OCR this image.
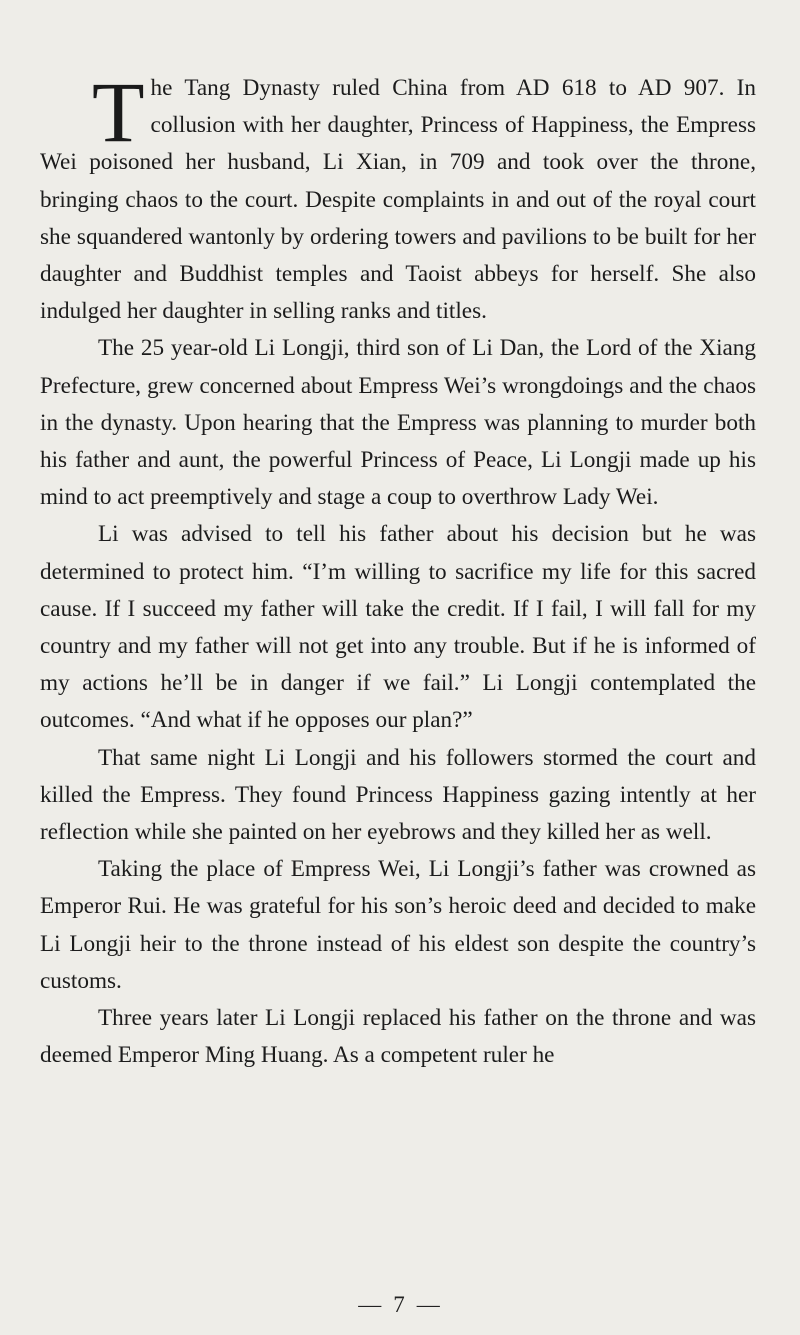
The Tang Dynasty ruled China from AD 618 to AD 907. In collusion with her daughter, Princess of Happiness, the Empress Wei poisoned her husband, Li Xian, in 709 and took over the throne, bringing chaos to the court. Despite complaints in and out of the royal court she squandered wantonly by ordering towers and pavilions to be built for her daughter and Buddhist temples and Taoist abbeys for herself. She also indulged her daughter in selling ranks and titles.

The 25 year-old Li Longji, third son of Li Dan, the Lord of the Xiang Prefecture, grew concerned about Empress Wei’s wrongdoings and the chaos in the dynasty. Upon hearing that the Empress was planning to murder both his father and aunt, the powerful Princess of Peace, Li Longji made up his mind to act preemptively and stage a coup to overthrow Lady Wei.

Li was advised to tell his father about his decision but he was determined to protect him. “I’m willing to sacrifice my life for this sacred cause. If I succeed my father will take the credit. If I fail, I will fall for my country and my father will not get into any trouble. But if he is informed of my actions he’ll be in danger if we fail.” Li Longji contemplated the outcomes. “And what if he opposes our plan?”

That same night Li Longji and his followers stormed the court and killed the Empress. They found Princess Happiness gazing intently at her reflection while she painted on her eyebrows and they killed her as well.

Taking the place of Empress Wei, Li Longji’s father was crowned as Emperor Rui. He was grateful for his son’s heroic deed and decided to make Li Longji heir to the throne instead of his eldest son despite the country’s customs.

Three years later Li Longji replaced his father on the throne and was deemed Emperor Ming Huang. As a competent ruler he

— 7 —
